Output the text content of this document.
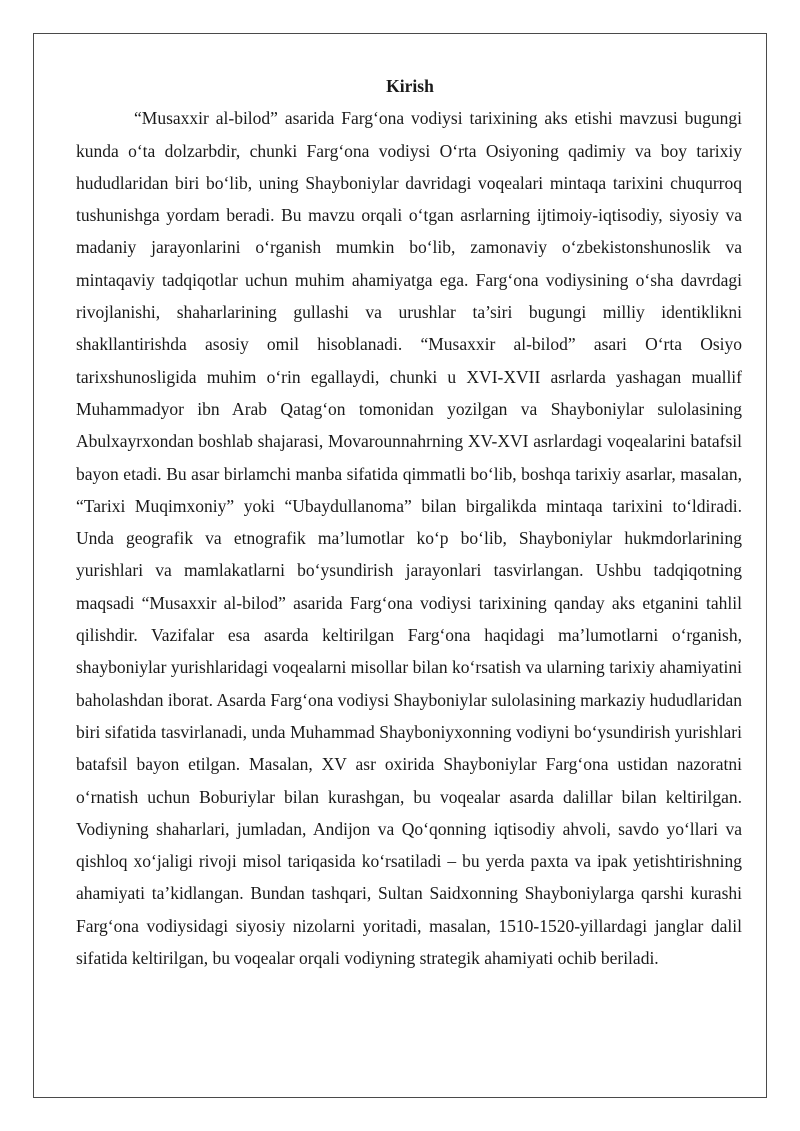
Kirish

“Musaxxir al-bilod” asarida Farg‘ona vodiysi tarixining aks etishi mavzusi bugungi kunda o‘ta dolzarbdir, chunki Farg‘ona vodiysi O‘rta Osiyoning qadimiy va boy tarixiy hududlaridan biri bo‘lib, uning Shayboniylar davridagi voqealari mintaqa tarixini chuqurroq tushunishga yordam beradi. Bu mavzu orqali o‘tgan asrlarning ijtimoiy-iqtisodiy, siyosiy va madaniy jarayonlarini o‘rganish mumkin bo‘lib, zamonaviy o‘zbekistonshunoslik va mintaqaviy tadqiqotlar uchun muhim ahamiyatga ega. Farg‘ona vodiysining o‘sha davrdagi rivojlanishi, shaharlarining gullashi va urushlar ta’siri bugungi milliy identiklikni shakllantirishda asosiy omil hisoblanadi. “Musaxxir al-bilod” asari O‘rta Osiyo tarixshunosligida muhim o‘rin egallaydi, chunki u XVI-XVII asrlarda yashagan muallif Muhammadyor ibn Arab Qatag‘on tomonidan yozilgan va Shayboniylar sulolasining Abulxayrxondan boshlab shajarasi, Movarounnahrning XV-XVI asrlardagi voqealarini batafsil bayon etadi. Bu asar birlamchi manba sifatida qimmatli bo‘lib, boshqa tarixiy asarlar, masalan, “Tarixi Muqimxoniy” yoki “Ubaydullanoma” bilan birgalikda mintaqa tarixini to‘ldiradi. Unda geografik va etnografik ma’lumotlar ko‘p bo‘lib, Shayboniylar hukmdorlarining yurishlari va mamlakatlarni bo‘ysundirish jarayonlari tasvirlangan. Ushbu tadqiqotning maqsadi “Musaxxir al-bilod” asarida Farg‘ona vodiysi tarixining qanday aks etganini tahlil qilishdir. Vazifalar esa asarda keltirilgan Farg‘ona haqidagi ma’lumotlarni o‘rganish, shayboniylar yurishlaridagi voqealarni misollar bilan ko‘rsatish va ularning tarixiy ahamiyatini baholashdan iborat. Asarda Farg‘ona vodiysi Shayboniylar sulolasining markaziy hududlaridan biri sifatida tasvirlanadi, unda Muhammad Shayboniyxonning vodiyni bo‘ysundirish yurishlari batafsil bayon etilgan. Masalan, XV asr oxirida Shayboniylar Farg‘ona ustidan nazoratni o‘rnatish uchun Boburiylar bilan kurashgan, bu voqealar asarda dalillar bilan keltirilgan. Vodiyning shaharlari, jumladan, Andijon va Qo‘qonning iqtisodiy ahvoli, savdo yo‘llari va qishloq xo‘jaligi rivoji misol tariqasida ko‘rsatiladi – bu yerda paxta va ipak yetishtirishning ahamiyati ta’kidlangan. Bundan tashqari, Sultan Saidxonning Shayboniylarga qarshi kurashi Farg‘ona vodiysidagi siyosiy nizolarni yoritadi, masalan, 1510-1520-yillardagi janglar dalil sifatida keltirilgan, bu voqealar orqali vodiyning strategik ahamiyati ochib beriladi.
